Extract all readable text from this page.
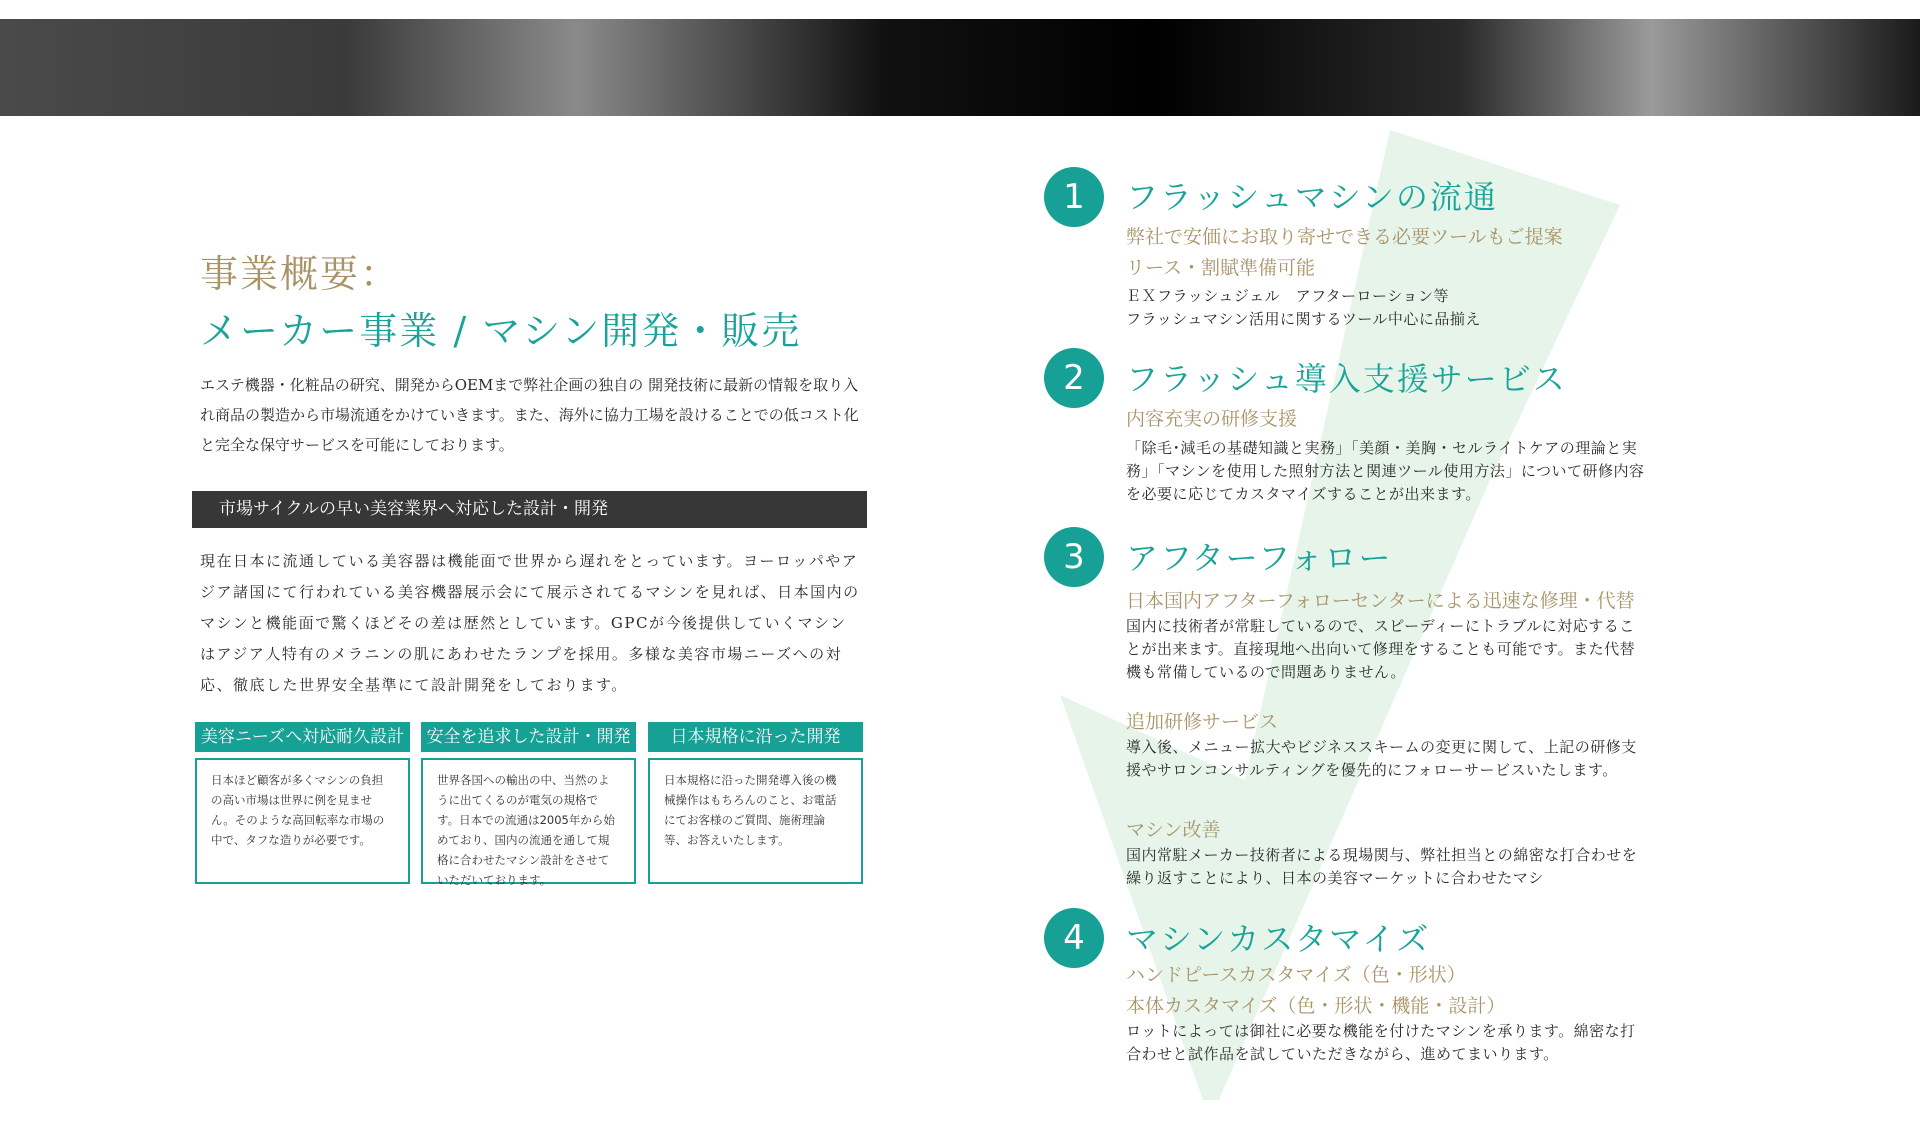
事業概要：
メーカー事業 / マシン開発・販売
エステ機器・化粧品の研究、開発からOEMまで弊社企画の独自の 開発技術に最新の情報を取り入れ商品の製造から市場流通をかけていきます。また、海外に協力工場を設けることでの低コスト化と完全な保守サービスを可能にしております。
市場サイクルの早い美容業界へ対応した設計・開発
現在日本に流通している美容器は機能面で世界から遅れをとっています。ヨーロッパやアジア諸国にて行われている美容機器展示会にて展示されてるマシンを見れば、日本国内のマシンと機能面で驚くほどその差は歴然としています。GPCが今後提供していくマシンはアジア人特有のメラニンの肌にあわせたランプを採用。多様な美容市場ニーズへの対応、徹底した世界安全基準にて設計開発をしております。
美容ニーズへ対応耐久設計
日本ほど顧客が多くマシンの負担の高い市場は世界に例を見ません。そのような高回転率な市場の中で、タフな造りが必要です。
安全を追求した設計・開発
世界各国への輸出の中、当然のように出てくるのが電気の規格です。日本での流通は2005年から始めており、国内の流通を通して規格に合わせたマシン設計をさせていただいております。
日本規格に沿った開発
日本規格に沿った開発導入後の機械操作はもちろんのこと、お電話にてお客様のご質問、施術理論等、お答えいたします。
1	フラッシュマシンの流通
弊社で安価にお取り寄せできる必要ツールもご提案
リース・割賦準備可能
ＥＸフラッシュジェル　アフターローション等
フラッシュマシン活用に関するツール中心に品揃え
2	フラッシュ導入支援サービス
内容充実の研修支援
「除毛･減毛の基礎知識と実務」「美顔・美胸・セルライトケアの理論と実務」「マシンを使用した照射方法と関連ツール使用方法」について研修内容を必要に応じてカスタマイズすることが出来ます。
3	アフターフォロー
日本国内アフターフォローセンターによる迅速な修理・代替
国内に技術者が常駐しているので、スピーディーにトラブルに対応することが出来ます。直接現地へ出向いて修理をすることも可能です。また代替機も常備しているので問題ありません。
追加研修サービス
導入後、メニュー拡大やビジネススキームの変更に関して、上記の研修支援やサロンコンサルティングを優先的にフォローサービスいたします。
マシン改善
国内常駐メーカー技術者による現場関与、弊社担当との綿密な打合わせを繰り返すことにより、日本の美容マーケットに合わせたマシ
4	マシンカスタマイズ
ハンドピースカスタマイズ（色・形状）
本体カスタマイズ（色・形状・機能・設計）
ロットによっては御社に必要な機能を付けたマシンを承ります。綿密な打合わせと試作品を試していただきながら、進めてまいります。
